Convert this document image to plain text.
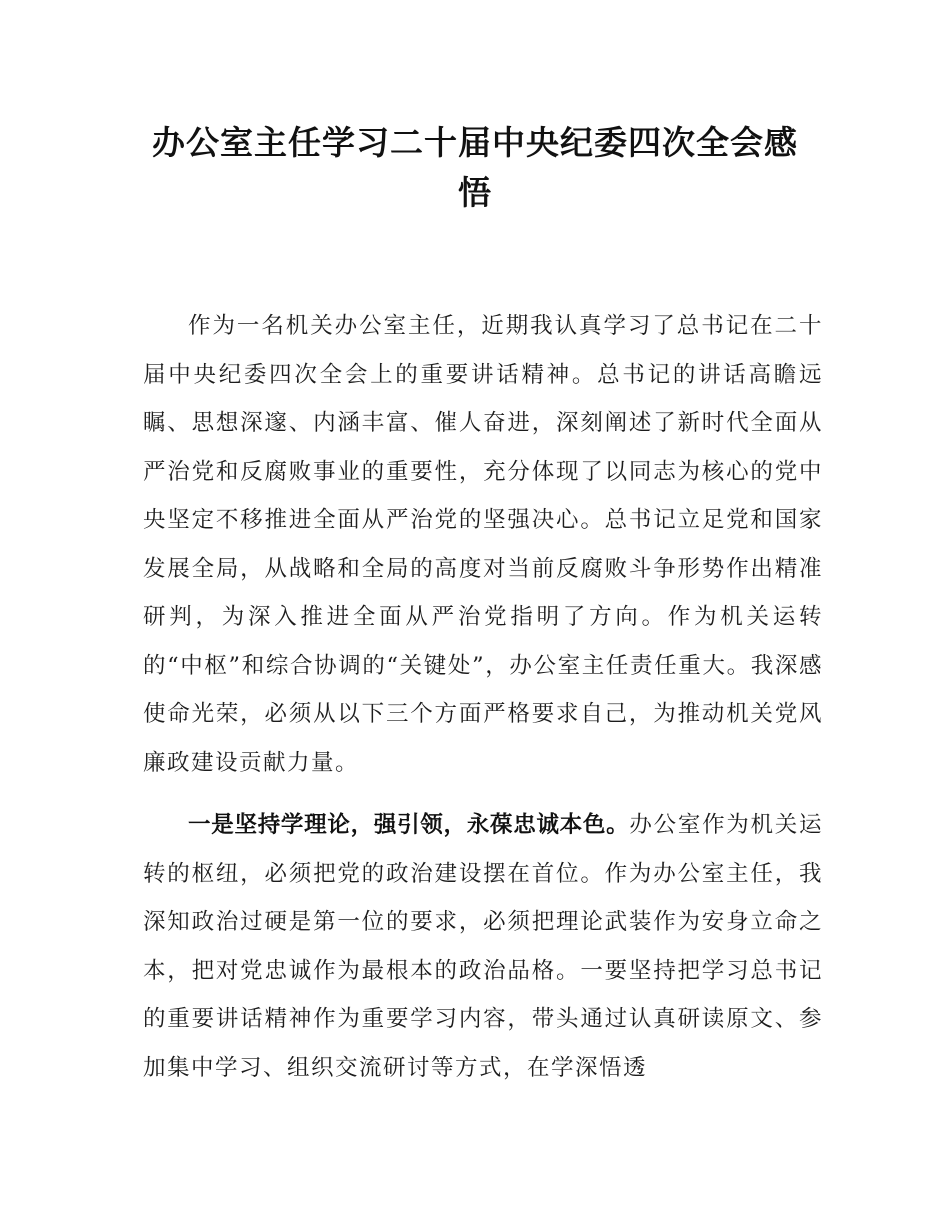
办公室主任学习二十届中央纪委四次全会感悟

作为一名机关办公室主任，近期我认真学习了总书记在二十届中央纪委四次全会上的重要讲话精神。总书记的讲话高瞻远瞩、思想深邃、内涵丰富、催人奋进，深刻阐述了新时代全面从严治党和反腐败事业的重要性，充分体现了以同志为核心的党中央坚定不移推进全面从严治党的坚强决心。总书记立足党和国家发展全局，从战略和全局的高度对当前反腐败斗争形势作出精准研判，为深入推进全面从严治党指明了方向。作为机关运转的“中枢”和综合协调的“关键处”，办公室主任责任重大。我深感使命光荣，必须从以下三个方面严格要求自己，为推动机关党风廉政建设贡献力量。

一是坚持学理论，强引领，永葆忠诚本色。办公室作为机关运转的枢纽，必须把党的政治建设摆在首位。作为办公室主任，我深知政治过硬是第一位的要求，必须把理论武装作为安身立命之本，把对党忠诚作为最根本的政治品格。一要坚持把学习总书记的重要讲话精神作为重要学习内容，带头通过认真研读原文、参加集中学习、组织交流研讨等方式，在学深悟透
